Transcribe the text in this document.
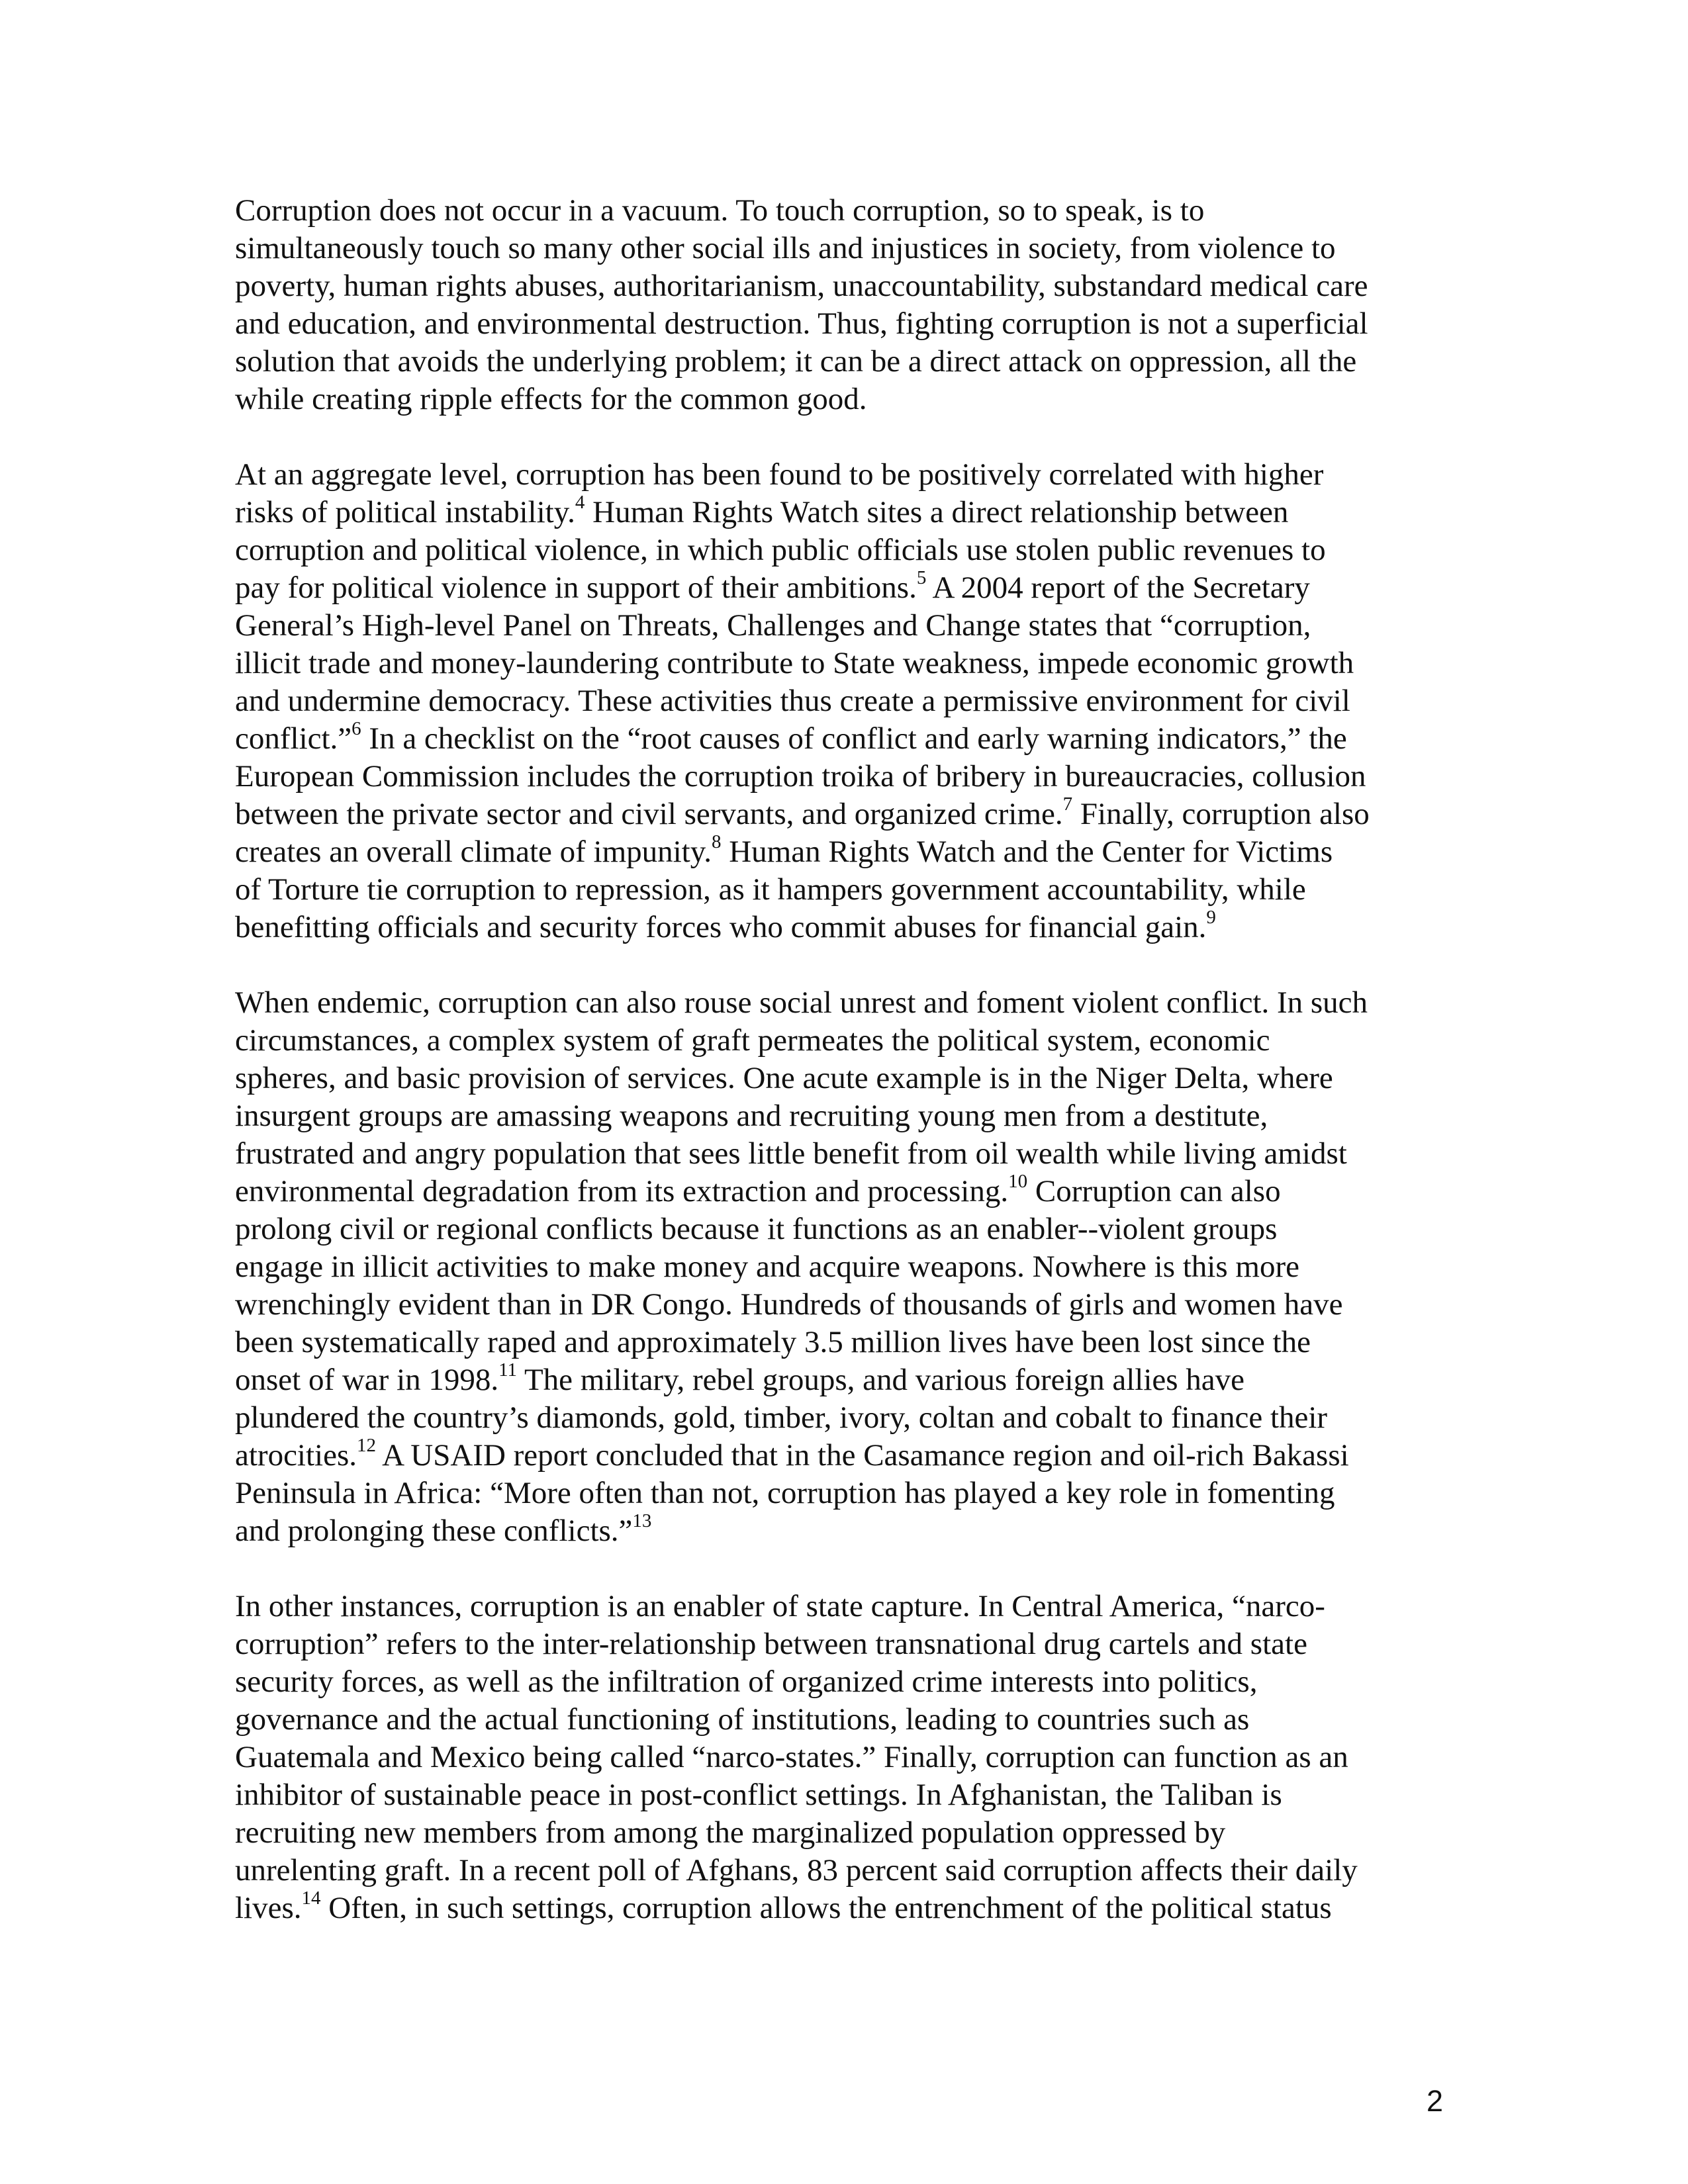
Corruption does not occur in a vacuum. To touch corruption, so to speak, is to
simultaneously touch so many other social ills and injustices in society, from violence to
poverty, human rights abuses, authoritarianism, unaccountability, substandard medical care
and education, and environmental destruction. Thus, fighting corruption is not a superficial
solution that avoids the underlying problem; it can be a direct attack on oppression, all the
while creating ripple effects for the common good.
At an aggregate level, corruption has been found to be positively correlated with higher
risks of political instability.$^4$ Human Rights Watch sites a direct relationship between
corruption and political violence, in which public officials use stolen public revenues to
pay for political violence in support of their ambitions.$^5$ A 2004 report of the Secretary
General’s High-level Panel on Threats, Challenges and Change states that “corruption,
illicit trade and money-laundering contribute to State weakness, impede economic growth
and undermine democracy. These activities thus create a permissive environment for civil
conflict.”$^6$ In a checklist on the “root causes of conflict and early warning indicators,” the
European Commission includes the corruption troika of bribery in bureaucracies, collusion
between the private sector and civil servants, and organized crime.$^7$ Finally, corruption also
creates an overall climate of impunity.$^8$ Human Rights Watch and the Center for Victims
of Torture tie corruption to repression, as it hampers government accountability, while
benefitting officials and security forces who commit abuses for financial gain.$^9$
When endemic, corruption can also rouse social unrest and foment violent conflict. In such
circumstances, a complex system of graft permeates the political system, economic
spheres, and basic provision of services. One acute example is in the Niger Delta, where
insurgent groups are amassing weapons and recruiting young men from a destitute,
frustrated and angry population that sees little benefit from oil wealth while living amidst
environmental degradation from its extraction and processing.$^{10}$ Corruption can also
prolong civil or regional conflicts because it functions as an enabler--violent groups
engage in illicit activities to make money and acquire weapons. Nowhere is this more
wrenchingly evident than in DR Congo. Hundreds of thousands of girls and women have
been systematically raped and approximately 3.5 million lives have been lost since the
onset of war in 1998.11 The military, rebel groups, and various foreign allies have
plundered the country’s diamonds, gold, timber, ivory, coltan and cobalt to finance their
atrocities.$^{12}$ A USAID report concluded that in the Casamance region and oil-rich Bakassi
Peninsula in Africa: “More often than not, corruption has played a key role in fomenting
and prolonging these conflicts.”$^{13}$
In other instances, corruption is an enabler of state capture. In Central America, “narco-
corruption” refers to the inter-relationship between transnational drug cartels and state
security forces, as well as the infiltration of organized crime interests into politics,
governance and the actual functioning of institutions, leading to countries such as
Guatemala and Mexico being called “narco-states.” Finally, corruption can function as an
inhibitor of sustainable peace in post-conflict settings. In Afghanistan, the Taliban is
recruiting new members from among the marginalized population oppressed by
unrelenting graft. In a recent poll of Afghans, 83 percent said corruption affects their daily
lives.$^{14}$ Often, in such settings, corruption allows the entrenchment of the political status
2
